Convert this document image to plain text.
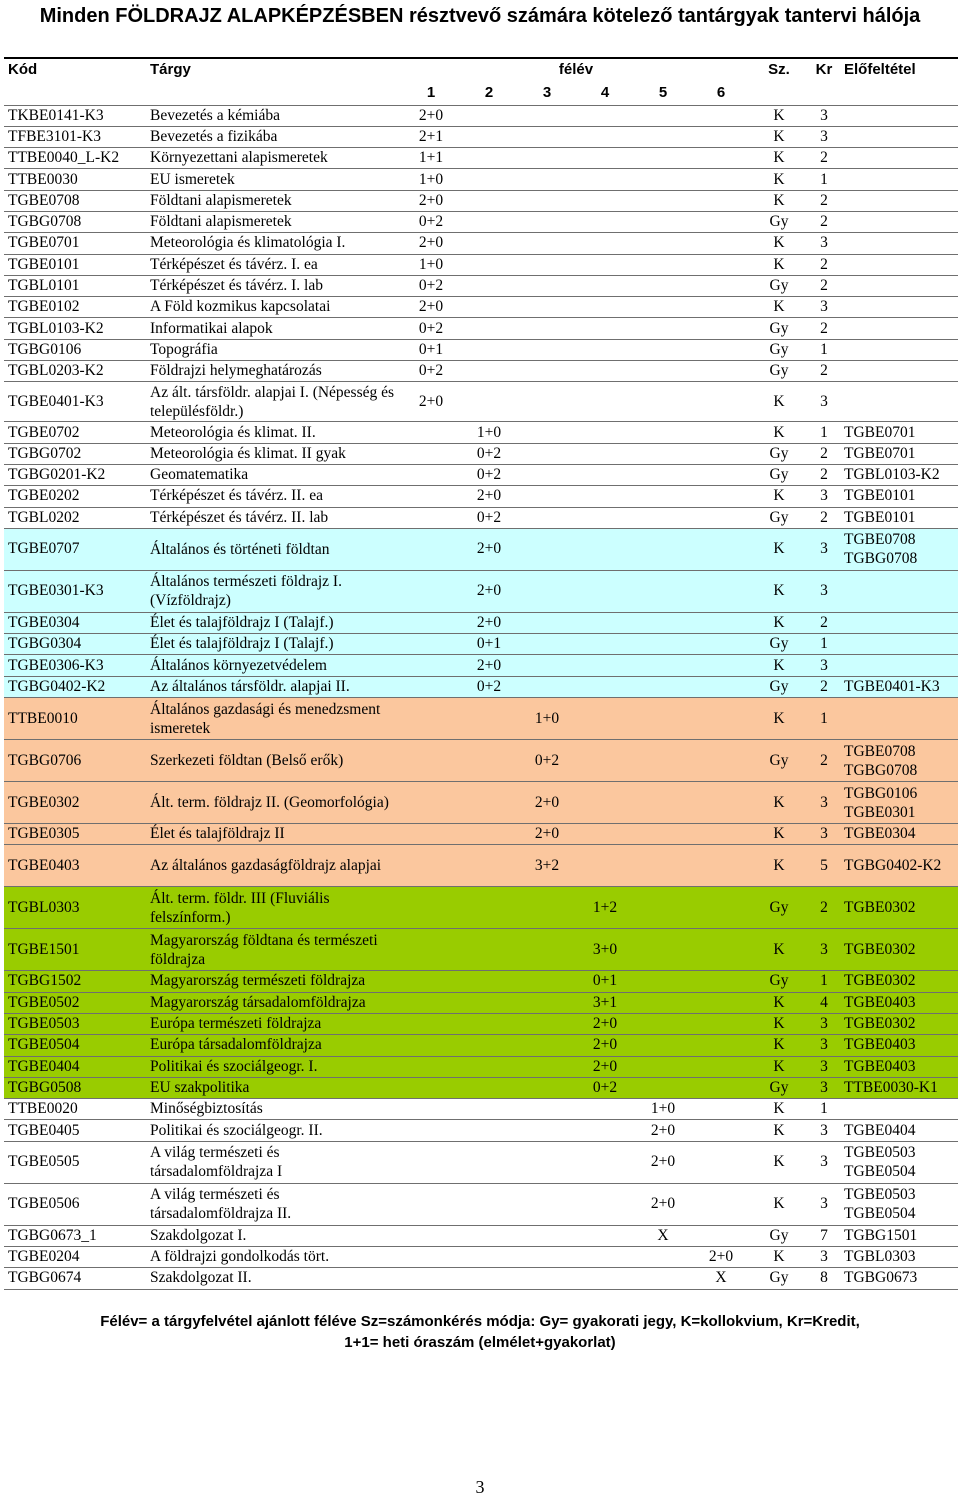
Minden FÖLDRAJZ ALAPKÉPZÉSBEN résztvevő számára kötelező tantárgyak tantervi hálója
Kód	Tárgy	félév						Sz.	Kr	Előfeltétel
		1	2	3	4	5	6			
TKBE0141-K3	Bevezetés a kémiába	2+0						K	3	
TFBE3101-K3	Bevezetés a fizikába	2+1						K	3	
TTBE0040_L-K2	Környezettani alapismeretek	1+1						K	2	
TTBE0030	EU ismeretek	1+0						K	1	
TGBE0708	Földtani alapismeretek	2+0						K	2	
TGBG0708	Földtani alapismeretek	0+2						Gy	2	
TGBE0701	Meteorológia és klimatológia I.	2+0						K	3	
TGBE0101	Térképészet és távérz. I. ea	1+0						K	2	
TGBL0101	Térképészet és távérz. I. lab	0+2						Gy	2	
TGBE0102	A Föld kozmikus kapcsolatai	2+0						K	3	
TGBL0103-K2	Informatikai alapok	0+2						Gy	2	
TGBG0106	Topográfia	0+1						Gy	1	
TGBL0203-K2	Földrajzi helymeghatározás	0+2						Gy	2	
TGBE0401-K3	Az ált. társföldr. alapjai I. (Népesség és településföldr.)	2+0						K	3	
TGBE0702	Meteorológia és klimat. II.		1+0					K	1	TGBE0701
TGBG0702	Meteorológia és klimat. II gyak		0+2					Gy	2	TGBE0701
TGBG0201-K2	Geomatematika		0+2					Gy	2	TGBL0103-K2
TGBE0202	Térképészet és távérz. II. ea		2+0					K	3	TGBE0101
TGBL0202	Térképészet és távérz. II. lab		0+2					Gy	2	TGBE0101
TGBE0707	Általános és történeti földtan		2+0					K	3	TGBE0708 TGBG0708
TGBE0301-K3	Általános természeti földrajz I. (Vízföldrajz)		2+0					K	3	
TGBE0304	Élet és talajföldrajz I (Talajf.)		2+0					K	2	
TGBG0304	Élet és talajföldrajz I (Talajf.)		0+1					Gy	1	
TGBE0306-K3	Általános környezetvédelem		2+0					K	3	
TGBG0402-K2	Az általános társföldr. alapjai II.		0+2					Gy	2	TGBE0401-K3
TTBE0010	Általános gazdasági és menedzsment ismeretek			1+0				K	1	
TGBG0706	Szerkezeti földtan (Belső erők)			0+2				Gy	2	TGBE0708 TGBG0708
TGBE0302	Ált. term. földrajz II. (Geomorfológia)			2+0				K	3	TGBG0106 TGBE0301
TGBE0305	Élet és talajföldrajz II			2+0				K	3	TGBE0304
TGBE0403	Az általános gazdaságföldrajz alapjai			3+2				K	5	TGBG0402-K2
TGBL0303	Ált. term. földr. III (Fluviális felszínform.)				1+2			Gy	2	TGBE0302
TGBE1501	Magyarország földtana és természeti földrajza				3+0			K	3	TGBE0302
TGBG1502	Magyarország természeti földrajza				0+1			Gy	1	TGBE0302
TGBE0502	Magyarország társadalomföldrajza				3+1			K	4	TGBE0403
TGBE0503	Európa természeti földrajza				2+0			K	3	TGBE0302
TGBE0504	Európa társadalomföldrajza				2+0			K	3	TGBE0403
TGBE0404	Politikai és szociálgeogr. I.				2+0			K	3	TGBE0403
TGBG0508	EU szakpolitika				0+2			Gy	3	TTBE0030-K1
TTBE0020	Minőségbiztosítás					1+0		K	1	
TGBE0405	Politikai és szociálgeogr. II.					2+0		K	3	TGBE0404
TGBE0505	A világ természeti és társadalomföldrajza I					2+0		K	3	TGBE0503 TGBE0504
TGBE0506	A világ természeti és társadalomföldrajza II.					2+0		K	3	TGBE0503 TGBE0504
TGBG0673_1	Szakdolgozat I.					X		Gy	7	TGBG1501
TGBE0204	A földrajzi gondolkodás tört.						2+0	K	3	TGBL0303
TGBG0674	Szakdolgozat II.						X	Gy	8	TGBG0673
Félév= a tárgyfelvétel ajánlott féléve Sz=számonkérés módja: Gy= gyakorati jegy, K=kollokvium, Kr=Kredit,
1+1= heti óraszám (elmélet+gyakorlat)
3
